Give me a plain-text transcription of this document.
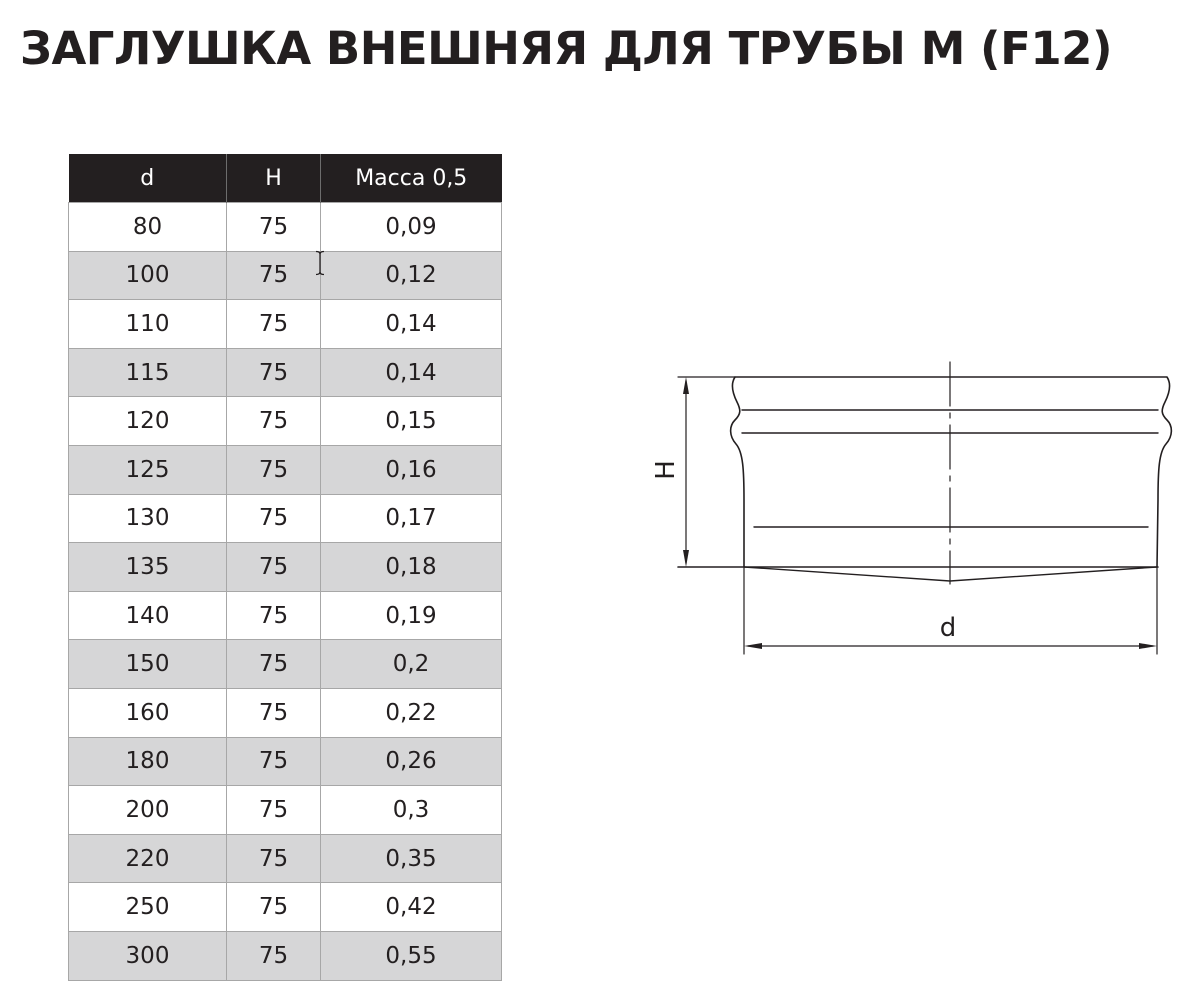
ЗАГЛУШКА ВНЕШНЯЯ ДЛЯ ТРУБЫ М (F12)
d	H	Масса 0,5
80	75	0,09
100	75	0,12
110	75	0,14
115	75	0,14
120	75	0,15
125	75	0,16
130	75	0,17
135	75	0,18
140	75	0,19
150	75	0,2
160	75	0,22
180	75	0,26
200	75	0,3
220	75	0,35
250	75	0,42
300	75	0,55
H
d
